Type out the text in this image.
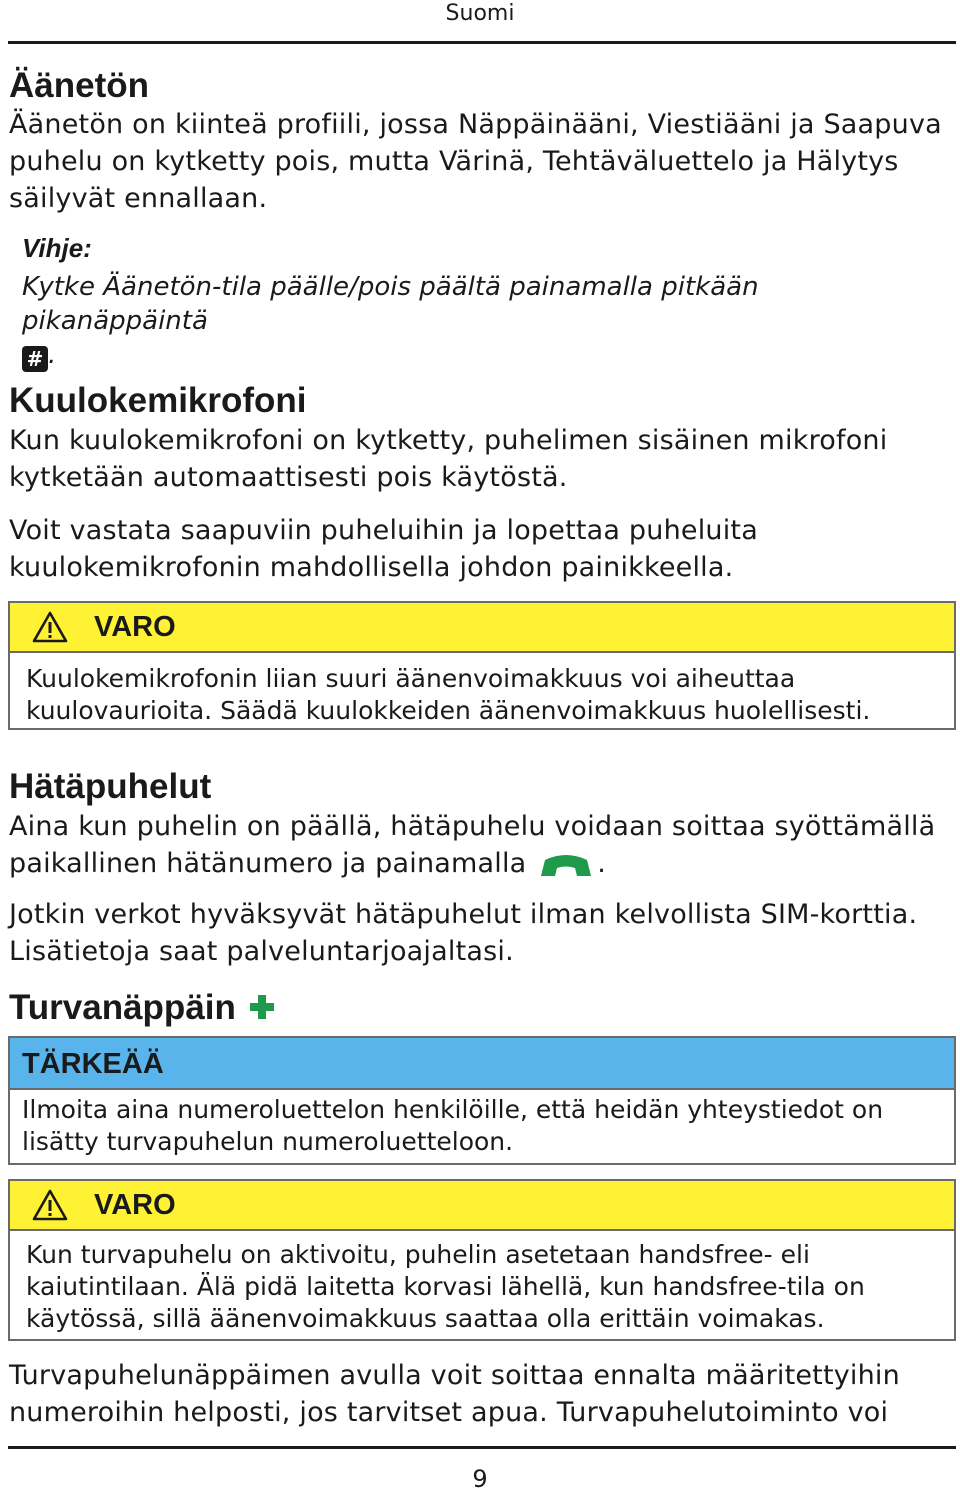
Suomi
Äänetön
Äänetön on kiinteä profiili, jossa Näppäinääni, Viestiääni ja Saapuva
puhelu on kytketty pois, mutta Värinä, Tehtäväluettelo ja Hälytys
säilyvät ennallaan.
Vihje:
Kytke Äänetön-tila päälle/pois päältä painamalla pitkään pikanäppäintä
# .
Kuulokemikrofoni
Kun kuulokemikrofoni on kytketty, puhelimen sisäinen mikrofoni
kytketään automaattisesti pois käytöstä.
Voit vastata saapuviin puheluihin ja lopettaa puheluita
kuulokemikrofonin mahdollisella johdon painikkeella.
VARO
Kuulokemikrofonin liian suuri äänenvoimakkuus voi aiheuttaa
kuulovaurioita. Säädä kuulokkeiden äänenvoimakkuus huolellisesti.
Hätäpuhelut
Aina kun puhelin on päällä, hätäpuhelu voidaan soittaa syöttämällä
paikallinen hätänumero ja painamalla	.
Jotkin verkot hyväksyvät hätäpuhelut ilman kelvollista SIM-korttia.
Lisätietoja saat palveluntarjoajaltasi.
Turvanäppäin
TÄRKEÄÄ
Ilmoita aina numeroluettelon henkilöille, että heidän yhteystiedot on
lisätty turvapuhelun numeroluetteloon.
VARO
Kun turvapuhelu on aktivoitu, puhelin asetetaan handsfree- eli
kaiutintilaan. Älä pidä laitetta korvasi lähellä, kun handsfree-tila on
käytössä, sillä äänenvoimakkuus saattaa olla erittäin voimakas.
Turvapuhelunäppäimen avulla voit soittaa ennalta määritettyihin
numeroihin helposti, jos tarvitset apua. Turvapuhelutoiminto voi
9
